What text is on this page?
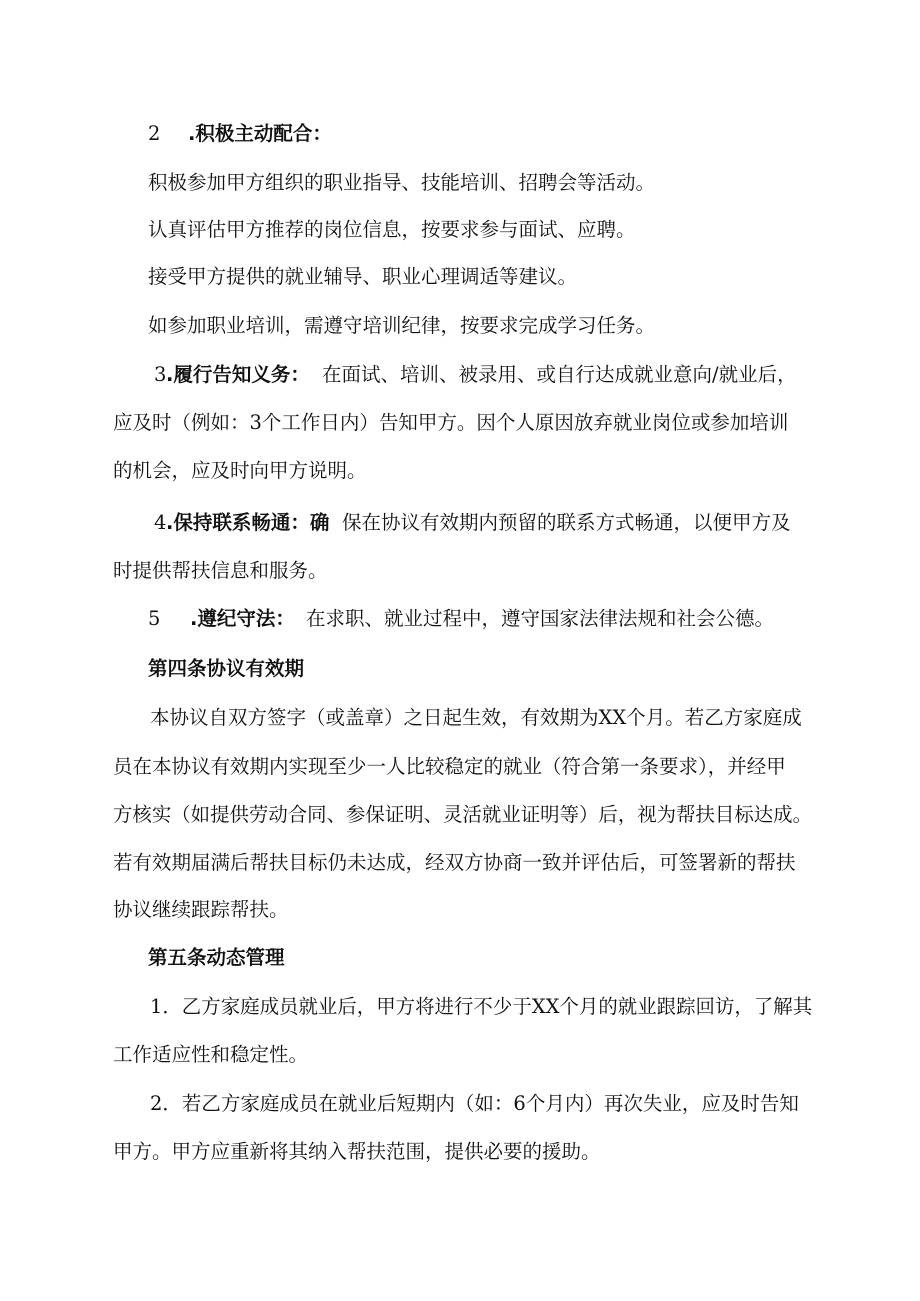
2 .积极主动配合：
积极参加甲方组织的职业指导、技能培训、招聘会等活动。
认真评估甲方推荐的岗位信息，按要求参与面试、应聘。
接受甲方提供的就业辅导、职业心理调适等建议。
如参加职业培训，需遵守培训纪律，按要求完成学习任务。
3 .履行告知义务： 在面试、培训、被录用、或自行达成就业意向/就业后，
应及时（例如：3个工作日内）告知甲方。因个人原因放弃就业岗位或参加培训
的机会，应及时向甲方说明。
4 .保持联系畅通：确 保在协议有效期内预留的联系方式畅通，以便甲方及
时提供帮扶信息和服务。
5 .遵纪守法： 在求职、就业过程中，遵守国家法律法规和社会公德。
第四条协议有效期
本协议自双方签字（或盖章）之日起生效，有效期为XX个月。若乙方家庭成
员在本协议有效期内实现至少一人比较稳定的就业（符合第一条要求），并经甲
方核实（如提供劳动合同、参保证明、灵活就业证明等）后，视为帮扶目标达成。
若有效期届满后帮扶目标仍未达成，经双方协商一致并评估后，可签署新的帮扶
协议继续跟踪帮扶。
第五条动态管理
1．乙方家庭成员就业后，甲方将进行不少于XX个月的就业跟踪回访，了解其
工作适应性和稳定性。
2．若乙方家庭成员在就业后短期内（如：6个月内）再次失业，应及时告知
甲方。甲方应重新将其纳入帮扶范围，提供必要的援助。
